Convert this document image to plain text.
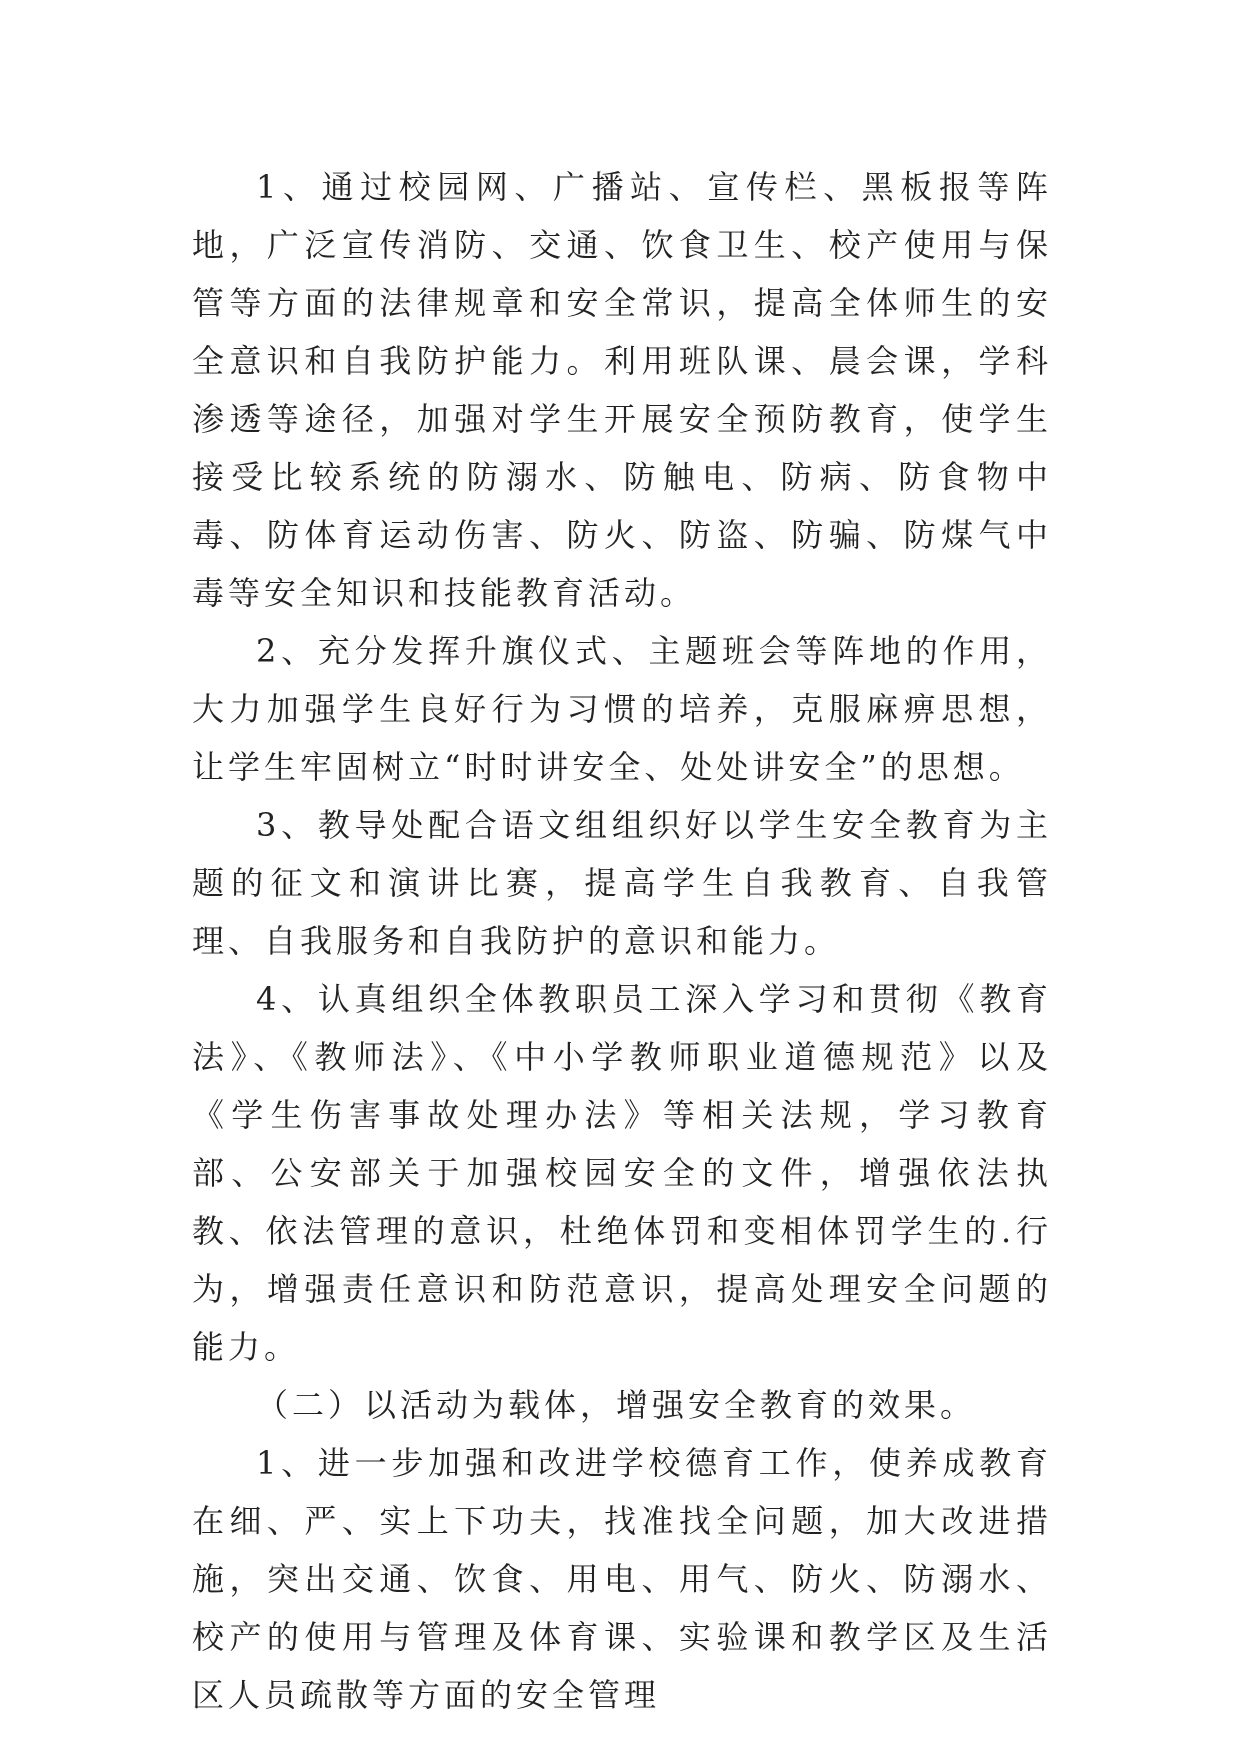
1、通过校园网、广播站、宣传栏、黑板报等阵地，广泛宣传消防、交通、饮食卫生、校产使用与保管等方面的法律规章和安全常识，提高全体师生的安全意识和自我防护能力。利用班队课、晨会课，学科渗透等途径，加强对学生开展安全预防教育，使学生接受比较系统的防溺水、防触电、防病、防食物中毒、防体育运动伤害、防火、防盗、防骗、防煤气中毒等安全知识和技能教育活动。

2、充分发挥升旗仪式、主题班会等阵地的作用，大力加强学生良好行为习惯的培养，克服麻痹思想，让学生牢固树立“时时讲安全、处处讲安全”的思想。

3、教导处配合语文组组织好以学生安全教育为主题的征文和演讲比赛，提高学生自我教育、自我管理、自我服务和自我防护的意识和能力。

4、认真组织全体教职员工深入学习和贯彻《教育法》、《教师法》、《中小学教师职业道德规范》以及《学生伤害事故处理办法》等相关法规，学习教育部、公安部关于加强校园安全的文件，增强依法执教、依法管理的意识，杜绝体罚和变相体罚学生的.行为，增强责任意识和防范意识，提高处理安全问题的能力。

（二）以活动为载体，增强安全教育的效果。

1、进一步加强和改进学校德育工作，使养成教育在细、严、实上下功夫，找准找全问题，加大改进措施，突出交通、饮食、用电、用气、防火、防溺水、校产的使用与管理及体育课、实验课和教学区及生活区人员疏散等方面的安全管理
